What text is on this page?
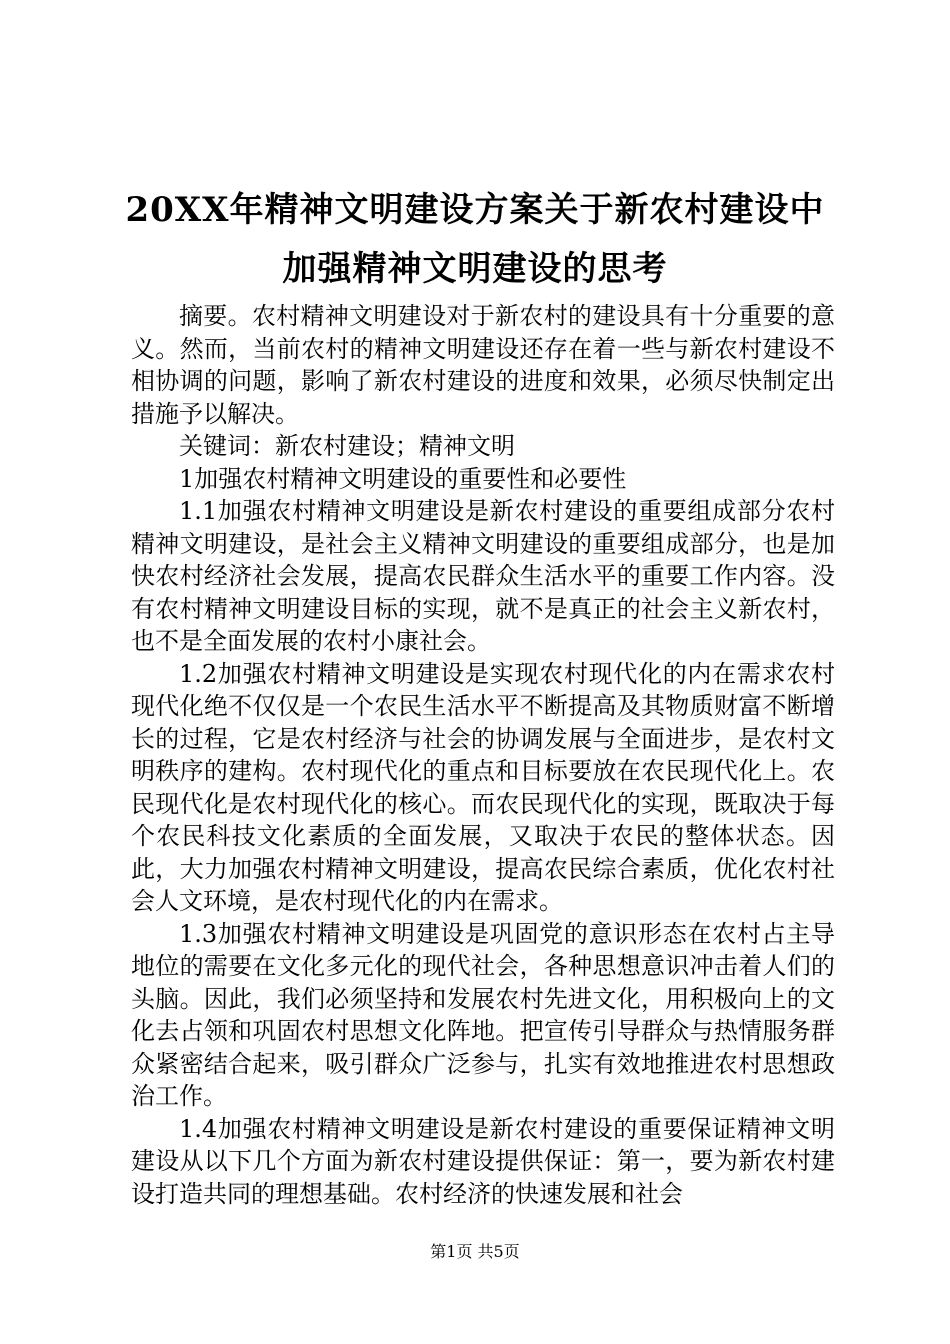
20XX年精神文明建设方案关于新农村建设中
加强精神文明建设的思考

摘要。农村精神文明建设对于新农村的建设具有十分重要的意义。然而，当前农村的精神文明建设还存在着一些与新农村建设不相协调的问题，影响了新农村建设的进度和效果，必须尽快制定出措施予以解决。

关键词：新农村建设；精神文明

1加强农村精神文明建设的重要性和必要性

1.1加强农村精神文明建设是新农村建设的重要组成部分农村精神文明建设，是社会主义精神文明建设的重要组成部分，也是加快农村经济社会发展，提高农民群众生活水平的重要工作内容。没有农村精神文明建设目标的实现，就不是真正的社会主义新农村，也不是全面发展的农村小康社会。

1.2加强农村精神文明建设是实现农村现代化的内在需求农村现代化绝不仅仅是一个农民生活水平不断提高及其物质财富不断增长的过程，它是农村经济与社会的协调发展与全面进步，是农村文明秩序的建构。农村现代化的重点和目标要放在农民现代化上。农民现代化是农村现代化的核心。而农民现代化的实现，既取决于每个农民科技文化素质的全面发展，又取决于农民的整体状态。因此，大力加强农村精神文明建设，提高农民综合素质，优化农村社会人文环境，是农村现代化的内在需求。

1.3加强农村精神文明建设是巩固党的意识形态在农村占主导地位的需要在文化多元化的现代社会，各种思想意识冲击着人们的头脑。因此，我们必须坚持和发展农村先进文化，用积极向上的文化去占领和巩固农村思想文化阵地。把宣传引导群众与热情服务群众紧密结合起来，吸引群众广泛参与，扎实有效地推进农村思想政治工作。

1.4加强农村精神文明建设是新农村建设的重要保证精神文明建设从以下几个方面为新农村建设提供保证：第一，要为新农村建设打造共同的理想基础。农村经济的快速发展和社会

第1页 共5页
